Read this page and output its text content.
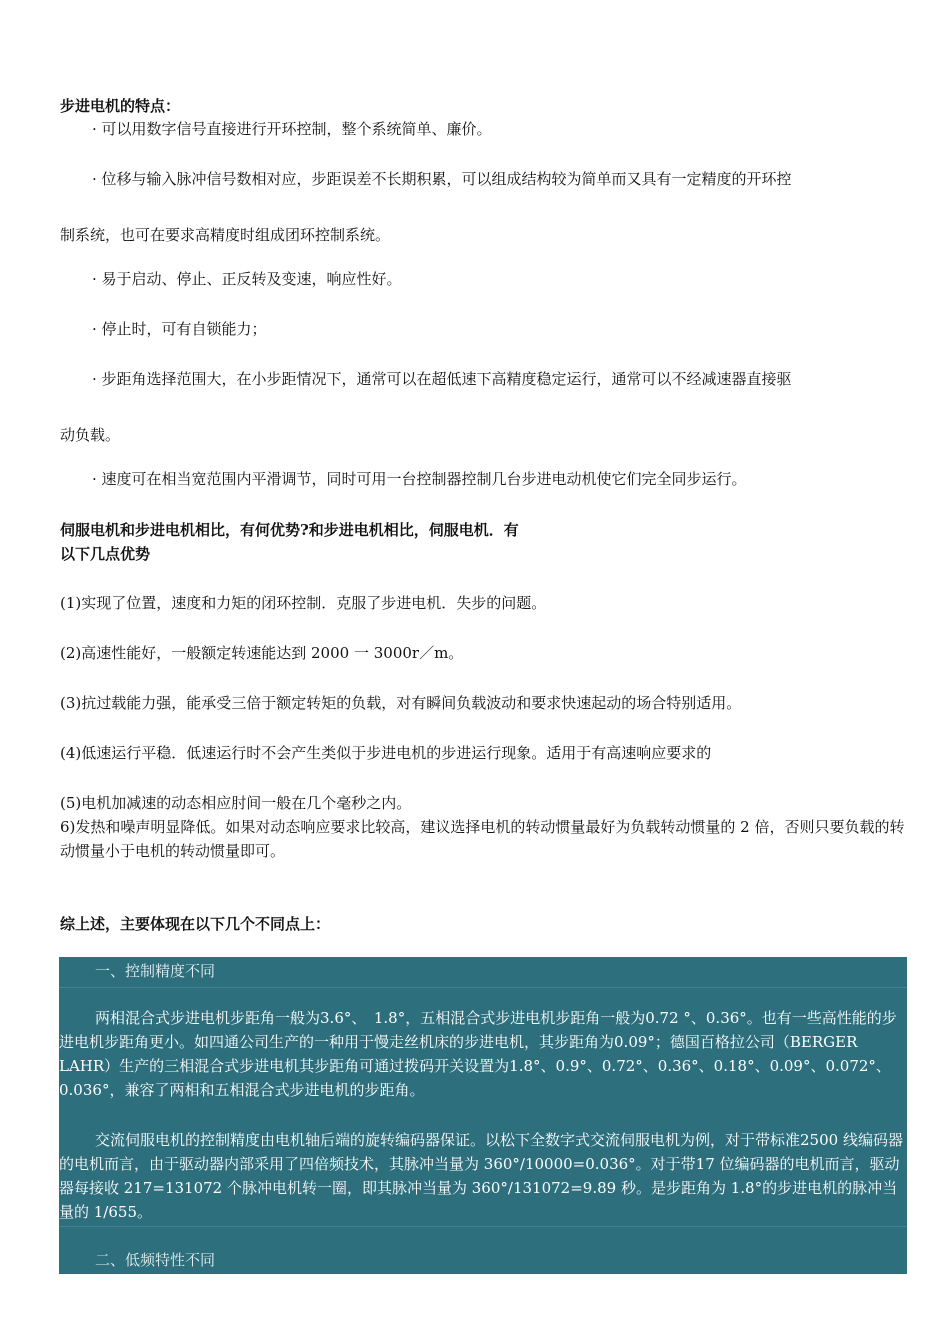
步进电机的特点：

· 可以用数字信号直接进行开环控制，整个系统简单、廉价。

· 位移与输入脉冲信号数相对应，步距误差不长期积累，可以组成结构较为简单而又具有一定精度的开环控

制系统，也可在要求高精度时组成团环控制系统。

· 易于启动、停止、正反转及变速，响应性好。

· 停止时，可有自锁能力；

· 步距角选择范围大，在小步距情况下，通常可以在超低速下高精度稳定运行，通常可以不经减速器直接驱

动负载。

· 速度可在相当宽范围内平滑调节，同时可用一台控制器控制几台步进电动机使它们完全同步运行。

伺服电机和步进电机相比，有何优势?和步进电机相比，伺服电机．有

以下几点优势

(1)实现了位置，速度和力矩的闭环控制．克服了步进电机．失步的问题。

(2)高速性能好，一般额定转速能达到 2000 一 3000r／m。

(3)抗过载能力强，能承受三倍于额定转矩的负载，对有瞬间负载波动和要求快速起动的场合特别适用。

(4)低速运行平稳．低速运行时不会产生类似于步进电机的步进运行现象。适用于有高速响应要求的

(5)电机加减速的动态相应肘间一般在几个毫秒之内。

6)发热和噪声明显降低。如果对动态响应要求比较高，建议选择电机的转动惯量最好为负载转动惯量的 2 倍，否则只要负载的转动惯量小于电机的转动惯量即可。

综上述，主要体现在以下几个不同点上：

一、控制精度不同

两相混合式步进电机步距角一般为3.6°、　1.8°，五相混合式步进电机步距角一般为0.72 °、0.36°。也有一些高性能的步进电机步距角更小。如四通公司生产的一种用于慢走丝机床的步进电机，其步距角为0.09°；德国百格拉公司（BERGER LAHR）生产的三相混合式步进电机其步距角可通过拨码开关设置为1.8°、0.9°、0.72°、0.36°、0.18°、0.09°、0.072°、0.036°，兼容了两相和五相混合式步进电机的步距角。

交流伺服电机的控制精度由电机轴后端的旋转编码器保证。以松下全数字式交流伺服电机为例，对于带标准2500 线编码器的电机而言，由于驱动器内部采用了四倍频技术，其脉冲当量为 360°/10000=0.036°。对于带17 位编码器的电机而言，驱动器每接收 217=131072 个脉冲电机转一圈，即其脉冲当量为 360°/131072=9.89 秒。是步距角为 1.8°的步进电机的脉冲当量的 1/655。

二、低频特性不同
